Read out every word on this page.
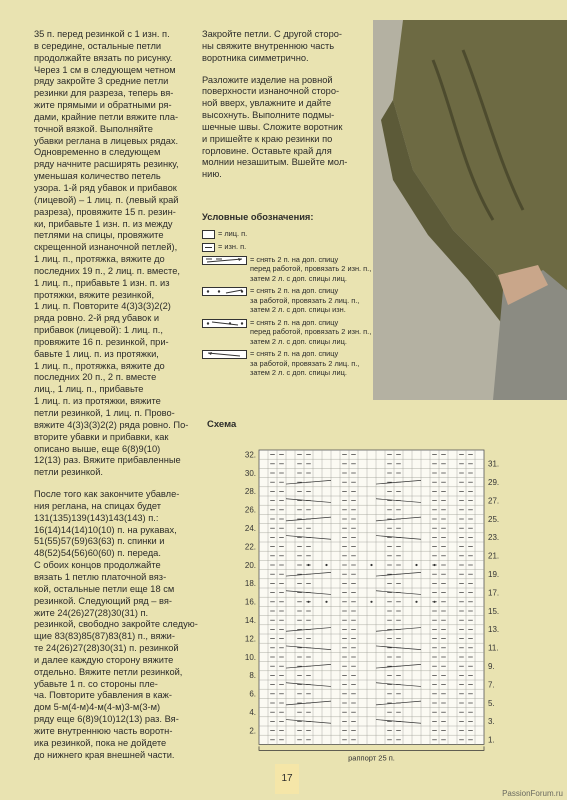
35 п. перед резинкой с 1 изн. п.
в середине, остальные петли
продолжайте вязать по рисунку.
Через 1 см в следующем четном
ряду закройте 3 средние петли
резинки для разреза, теперь вя-
жите прямыми и обратными ря-
дами, крайние петли вяжите пла-
точной вязкой. Выполняйте
убавки реглана в лицевых рядах.
Одновременно в следующем
ряду начните расширять резинку,
уменьшая количество петель
узора. 1-й ряд убавок и прибавок
(лицевой) – 1 лиц. п. (левый край
разреза), провяжите 15 п. резин-
ки, прибавьте 1 изн. п. из между
петлями на спицы, провяжите
скрещенной изнаночной петлей),
1 лиц. п., протяжка, вяжите до
последних 19 п., 2 лиц. п. вместе,
1 лиц. п., прибавьте 1 изн. п. из
протяжки, вяжите резинкой,
1 лиц. п. Повторите 4(3)3(3)2(2)
ряда ровно. 2-й ряд убавок и
прибавок (лицевой): 1 лиц. п.,
провяжите 16 п. резинкой, при-
бавьте 1 лиц. п. из протяжки,
1 лиц. п., протяжка, вяжите до
последних 20 п., 2 п. вместе
лиц., 1 лиц. п., прибавьте
1 лиц. п. из протяжки, вяжите
петли резинкой, 1 лиц. п. Прово-
вяжите 4(3)3(3)2(2) ряда ровно. По-
вторите убавки и прибавки, как
описано выше, еще 6(8)9(10)
12(13) раз. Вяжите прибавленные
петли резинкой.

После того как закончите убавле-
ния реглана, на спицах будет
131(135)139(143)143(143) п.:
16(14)14(14)10(10) п. на рукавах,
51(55)57(59)63(63) п. спинки и
48(52)54(56)60(60) п. переда.
С обоих концов продолжайте
вязать 1 петлю платочной вяз-
кой, остальные петли еще 18 см
резинкой. Следующий ряд – вя-
жите 24(26)27(28)30(31) п.
резинкой, свободно закройте следую-
щие 83(83)85(87)83(81) п., вяжи-
те 24(26)27(28)30(31) п. резинкой
и далее каждую сторону вяжите
отдельно. Вяжите петли резинкой,
убавьте 1 п. со стороны пле-
ча. Повторите убавления в каж-
дом 5-м(4-м)4-м(4-м)3-м(3-м)
ряду еще 6(8)9(10)12(13) раз. Вя-
жите внутреннюю часть воротн-
ика резинкой, пока не дойдете
до нижнего края внешней части.

Закройте петли. С другой сторо-
ны свяжите внутреннюю часть
воротника симметрично.

Разложите изделие на ровной
поверхности изнаночной сторо-
ной вверх, увлажните и дайте
высохнуть. Выполните подмы-
шечные швы. Сложите воротник
и пришейте к краю резинки по
горловине. Оставьте край для
молнии незашитым. Вшейте мол-
нию.

Условные обозначения:
= лиц. п.
= изн. п.
= снять 2 п. на доп. спицу
перед работой, провязать 2 изн. п.,
затем 2 л. с доп. спицы лиц.
= снять 2 п. на доп. спицу
за работой, провязать 2 лиц. п.,
затем 2 л. с доп. спицы изн.
= снять 2 п. на доп. спицу
перед работой, провязать 2 изн. п.,
затем 2 л. с доп. спицы лиц.
= снять 2 п. на доп. спицу
за работой, провязать 2 лиц. п.,
затем 2 л. с доп. спицы лиц.
Схема
32.
30.
28.
26.
24.
22.
20.
18.
16.
14.
12.
10.
8.
6.
4.
2.
31.
29.
27.
25.
23.
21.
19.
17.
15.
13.
11.
9.
7.
5.
3.
1.
раппорт 25 п.
17
PassionForum.ru
